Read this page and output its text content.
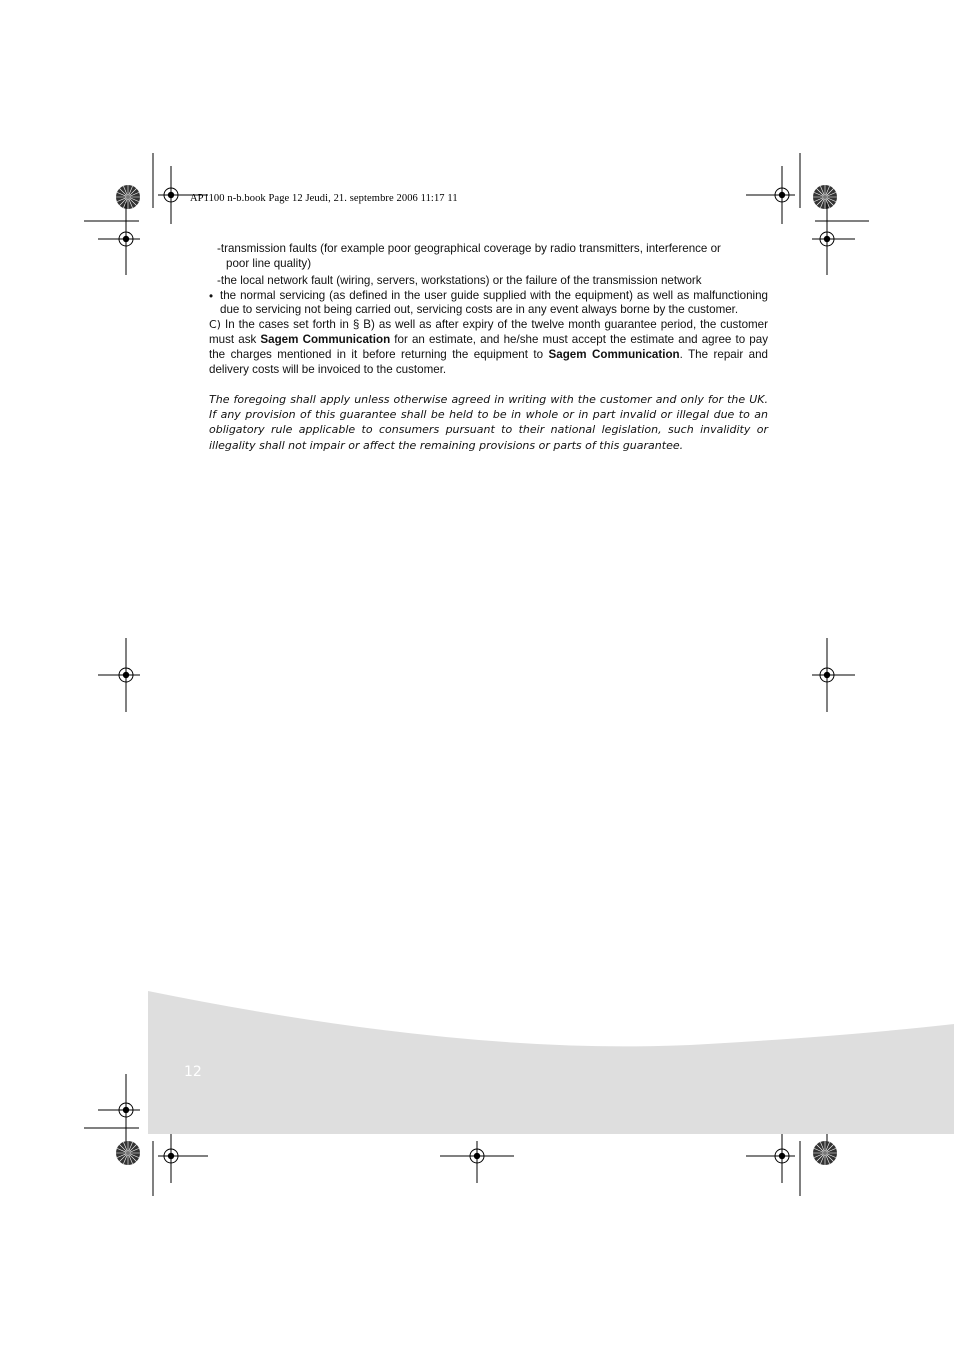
AP1100 n-b.book Page 12 Jeudi, 21. septembre 2006 11:17 11
-transmission faults (for example poor geographical coverage by radio transmitters, interference or
poor line quality)
-the local network fault (wiring, servers, workstations) or the failure of the transmission network
• the normal servicing (as defined in the user guide supplied with the equipment) as well as malfunctioning due to servicing not being carried out, servicing costs are in any event always borne by the customer.
C) In the cases set forth in § B) as well as after expiry of the twelve month guarantee period, the customer must ask Sagem Communication for an estimate, and he/she must accept the estimate and agree to pay the charges mentioned in it before returning the equipment to Sagem Communication. The repair and delivery costs will be invoiced to the customer.
The foregoing shall apply unless otherwise agreed in writing with the customer and only for the UK. If any provision of this guarantee shall be held to be in whole or in part invalid or illegal due to an obligatory rule applicable to consumers pursuant to their national legislation, such invalidity or illegality shall not impair or affect the remaining provisions or parts of this guarantee.
12
